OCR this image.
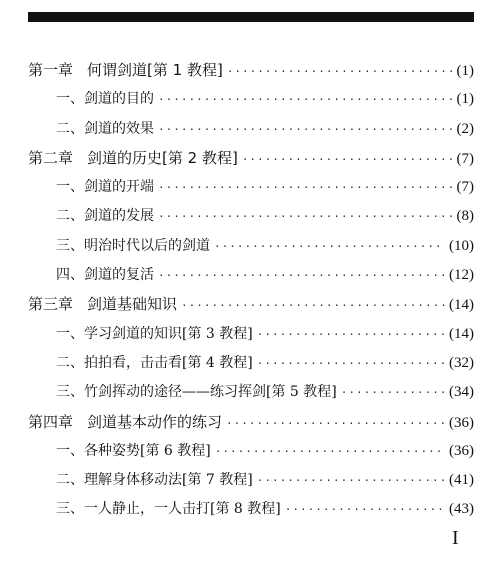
第一章 何谓剑道[第 1 教程] ·····	(1)
一、剑道的目的 ·····	(1)
二、剑道的效果 ·····	(2)
第二章 剑道的历史[第 2 教程] ·····	(7)
一、剑道的开端 ·····	(7)
二、剑道的发展 ·····	(8)
三、明治时代以后的剑道 ·····	(10)
四、剑道的复活 ·····	(12)
第三章 剑道基础知识 ·····	(14)
一、学习剑道的知识[第 3 教程] ·····	(14)
二、拍拍看，击击看[第 4 教程] ·····	(32)
三、竹剑挥动的途径——练习挥剑[第 5 教程] ·····	(34)
第四章 剑道基本动作的练习 ·····	(36)
一、各种姿势[第 6 教程] ·····	(36)
二、理解身体移动法[第 7 教程] ·····	(41)
三、一人静止，一人击打[第 8 教程] ·····	(43)
I
